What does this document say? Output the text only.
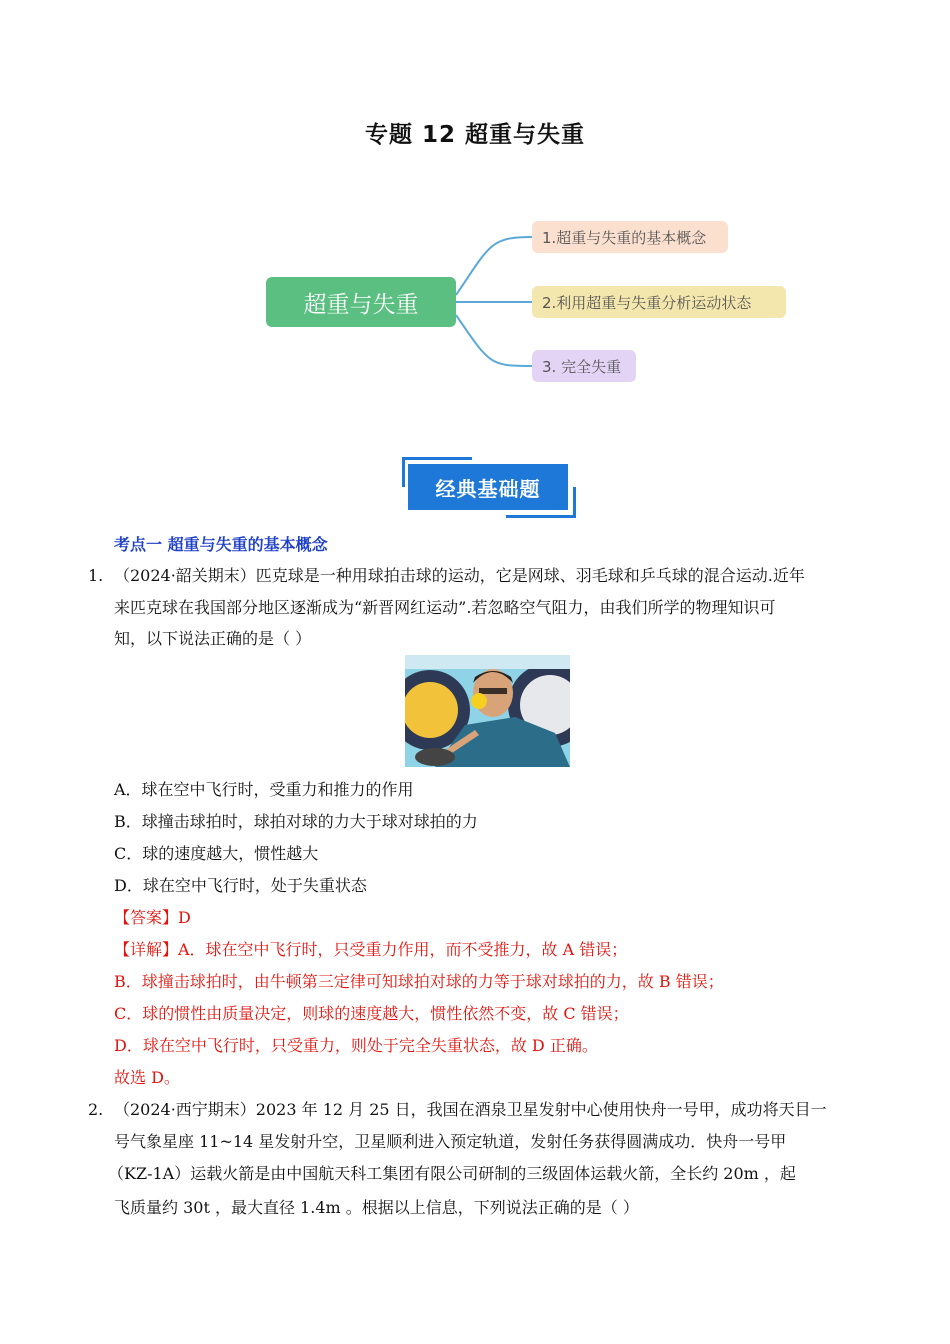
专题 12 超重与失重
超重与失重
1.超重与失重的基本概念
2.利用超重与失重分析运动状态
3. 完全失重
经典基础题
考点一 超重与失重的基本概念
1. （2024·韶关期末）匹克球是一种用球拍击球的运动，它是网球、羽毛球和乒乓球的混合运动.近年
来匹克球在我国部分地区逐渐成为“新晋网红运动”.若忽略空气阻力，由我们所学的物理知识可
知，以下说法正确的是（ ）
A．球在空中飞行时，受重力和推力的作用
B．球撞击球拍时，球拍对球的力大于球对球拍的力
C．球的速度越大，惯性越大
D．球在空中飞行时，处于失重状态
【答案】D
【详解】A．球在空中飞行时，只受重力作用，而不受推力，故 A 错误；
B．球撞击球拍时，由牛顿第三定律可知球拍对球的力等于球对球拍的力，故 B 错误；
C．球的惯性由质量决定，则球的速度越大，惯性依然不变，故 C 错误；
D．球在空中飞行时，只受重力，则处于完全失重状态，故 D 正确。
故选 D。
2. （2024·西宁期末）2023 年 12 月 25 日，我国在酒泉卫星发射中心使用快舟一号甲，成功将天目一
号气象星座 11~14 星发射升空，卫星顺利进入预定轨道，发射任务获得圆满成功．快舟一号甲
（KZ-1A）运载火箭是由中国航天科工集团有限公司研制的三级固体运载火箭，全长约 20m ，起
飞质量约 30t ，最大直径 1.4m 。根据以上信息，下列说法正确的是（ ）
